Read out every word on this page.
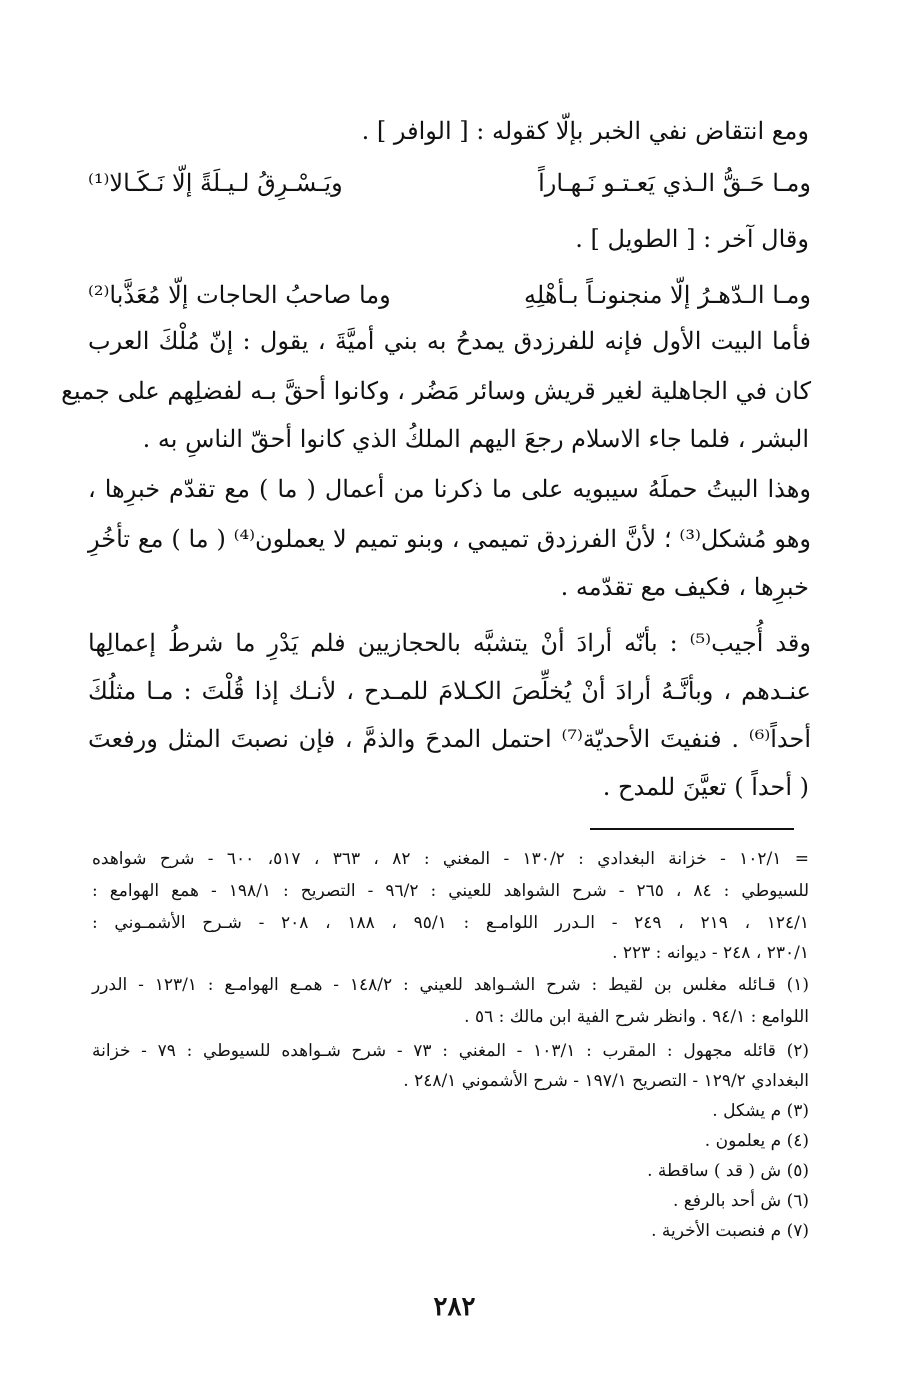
ومع انتقاض نفي الخبر بإلّا كقوله : [ الوافر ] .
ومـا حَـقُّ الـذي يَعـتـو نَـهـاراً
ويَـسْـرِقُ لـيـلَةً إلّا نَـكَـالا⁽¹⁾
وقال آخر : [ الطويل ] .
ومـا الـدّهـرُ إلّا منجنونـاً بـأهْلِهِ
وما صاحبُ الحاجات إلّا مُعَذَّبا⁽²⁾
فأما البيت الأول فإنه للفرزدق يمدحُ به بني أميَّةَ ، يقول : إنّ مُلْكَ العرب
كان في الجاهلية لغير قريش وسائر مَضُر ، وكانوا أحقَّ بـه لفضلِهم على جميع
البشر ، فلما جاء الاسلام رجعَ اليهم الملكُ الذي كانوا أحقّ الناسِ به .
وهذا البيتُ حملَهُ سيبويه على ما ذكرنا من أعمال ( ما ) مع تقدّم خبرِها ،
وهو مُشكل⁽³⁾ ؛ لأنَّ الفرزدق تميمي ، وبنو تميم لا يعملون⁽⁴⁾ ( ما ) مع تأخُرِ
خبرِها ، فكيف مع تقدّمه .
وقد أُجيب⁽⁵⁾ : بأنّه أرادَ أنْ يتشبَّه بالحجازيين فلم يَدْرِ ما شرطُ إعمالِها
عنـدهم ، وبأنَّـهُ أرادَ أنْ يُخلِّصَ الكـلامَ للمـدح ، لأنـك إذا قُلْتَ : مـا مثلُكَ
أحداً⁽⁶⁾ . فنفيتَ الأحديّة⁽⁷⁾ احتمل المدحَ والذمَّ ، فإن نصبتَ المثل ورفعتَ
( أحداً ) تعيَّنَ للمدح .
= ١٠٢/١ - خزانة البغدادي : ١٣٠/٢ - المغني : ٨٢ ، ٣٦٣ ، ٥١٧، ٦٠٠ - شرح شواهده
للسيوطي : ٨٤ ، ٢٦٥ - شرح الشواهد للعيني : ٩٦/٢ - التصريح : ١٩٨/١ - همع الهوامع :
١٢٤/١ ، ٢١٩ ، ٢٤٩ - الـدرر اللوامـع : ٩٥/١ ، ١٨٨ ، ٢٠٨ - شـرح الأشمـوني :
٢٣٠/١ ، ٢٤٨ - ديوانه : ٢٢٣ .
(١) قـائله مغلس بن لقيط : شرح الشـواهد للعيني : ١٤٨/٢ - همـع الهوامـع : ١٢٣/١ - الدرر
اللوامع : ٩٤/١ . وانظر شرح الفية ابن مالك : ٥٦ .
(٢) قائله مجهول : المقرب : ١٠٣/١ - المغني : ٧٣ - شرح شـواهده للسيوطي : ٧٩ - خزانة
البغدادي ١٢٩/٢ - التصريح ١٩٧/١ - شرح الأشموني ٢٤٨/١ .
(٣) م يشكل .
(٤) م يعلمون .
(٥) ش ( قد ) ساقطة .
(٦) ش أحد بالرفع .
(٧) م فنصبت الأخرية .
٢٨٢
